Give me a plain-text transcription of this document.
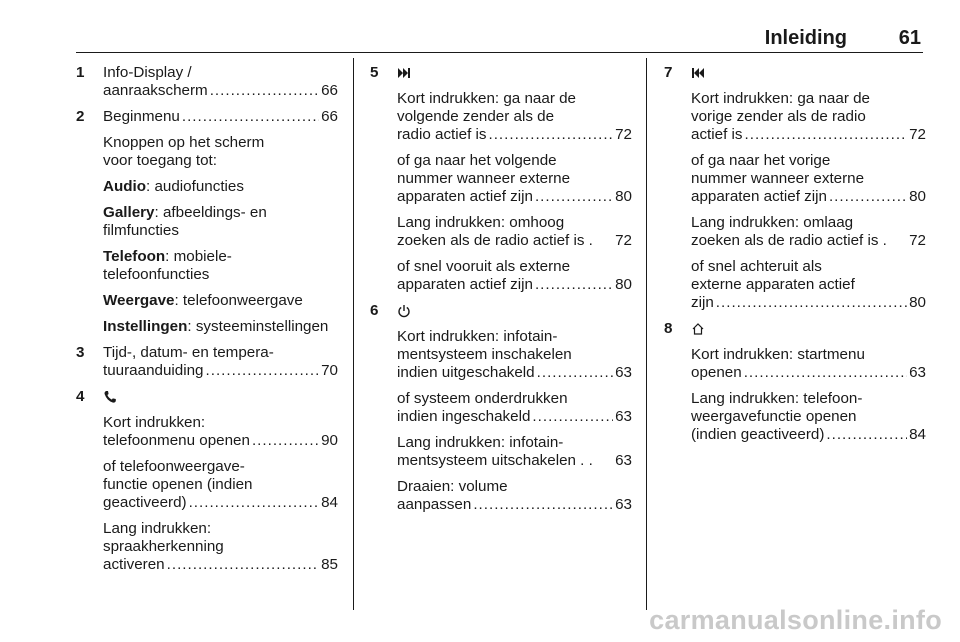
Inleiding	61
1	Info-Display /
aanraakscherm .....	66
2	Beginmenu .....	66
Knoppen op het scherm
voor toegang tot:
Audio: audiofuncties
Gallery: afbeeldings- en
filmfuncties
Telefoon: mobiele-
telefoonfuncties
Weergave: telefoonweergave
Instellingen: systeeminstellingen
3	Tijd-, datum- en tempera-
tuuraanduiding .....	70
4
Kort indrukken:
telefoonmenu openen .....	90
of telefoonweergave-
functie openen (indien
geactiveerd) .....	84
Lang indrukken:
spraakherkenning
activeren .....	85
5
Kort indrukken: ga naar de
volgende zender als de
radio actief is .....	72
of ga naar het volgende
nummer wanneer externe
apparaten actief zijn .....	80
Lang indrukken: omhoog
zoeken als de radio actief is . 72
of snel vooruit als externe
apparaten actief zijn .....	80
6
Kort indrukken: infotain-
mentsysteem inschakelen
indien uitgeschakeld .....	63
of systeem onderdrukken
indien ingeschakeld .....	63
Lang indrukken: infotain-
mentsysteem uitschakelen . . 63
Draaien: volume
aanpassen .....	63
7
Kort indrukken: ga naar de
vorige zender als de radio
actief is .....	72
of ga naar het vorige
nummer wanneer externe
apparaten actief zijn .....	80
Lang indrukken: omlaag
zoeken als de radio actief is . 72
of snel achteruit als
externe apparaten actief
zijn .....	80
8
Kort indrukken: startmenu
openen .....	63
Lang indrukken: telefoon-
weergavefunctie openen
(indien geactiveerd) .....	84
carmanualsonline.info
